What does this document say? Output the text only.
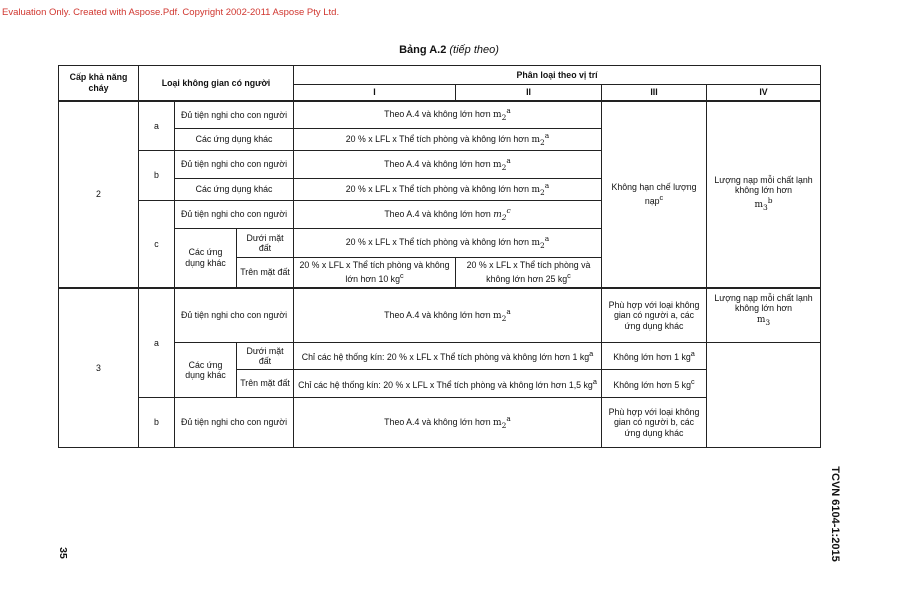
Evaluation Only. Created with Aspose.Pdf. Copyright 2002-2011 Aspose Pty Ltd.
Bảng A.2 (tiếp theo)
Cấp khả năng cháy	Loại không gian có người			Phân loại theo vị trí			
				I	II	III	IV
2	a	Đủ tiện nghi cho con người		Theo A.4 và không lớn hơn $m_2^a$		Không hạn chế lượng nạp$^c$	Lượng nạp mỗi chất lạnh không lớn hơn
$m_3^b$
		Các ứng dụng khác		20 % x LFL x Thể tích phòng và không lớn hơn $m_2^a$
	b	Đủ tiện nghi cho con người		Theo A.4 và không lớn hơn $m_2^a$
		Các ứng dụng khác		20 % x LFL x Thể tích phòng và không lớn hơn $m_2^a$
	c	Đủ tiện nghi cho con người		Theo A.4 và không lớn hơn $m_2^c$
		Các ứng dụng khác	Dưới mặt đất	20 % x LFL x Thể tích phòng và không lớn hơn $m_2^a$
			Trên mặt đất	20 % x LFL x Thể tích phòng và không lớn hơn 10 $kg^c$	20 % x LFL x Thể tích phòng và không lớn hơn 25 $kg^c$

3	a	Đủ tiện nghi cho con người		Theo A.4 và không lớn hơn $m_2^a$		Phù hợp với loại không gian có người a, các ứng dụng khác	Lượng nạp mỗi chất lạnh không lớn hơn
$m_3$
		Các ứng dụng khác	Dưới mặt đất	Chỉ các hệ thống kín: 20 % x LFL x Thể tích phòng và không lớn hơn 1 $kg^a$		Không lớn hơn 1 $kg^a$	
			Trên mặt đất	Chỉ các hệ thống kín: 20 % x LFL x Thể tích phòng và không lớn hơn 1,5 $kg^a$		Không lớn hơn 5 $kg^c$
	b	Đủ tiện nghi cho con người		Theo A.4 và không lớn hơn $m_2^a$		Phù hợp với loại không gian có người b, các ứng dụng khác	
35	TCVN 6104-1:2015
